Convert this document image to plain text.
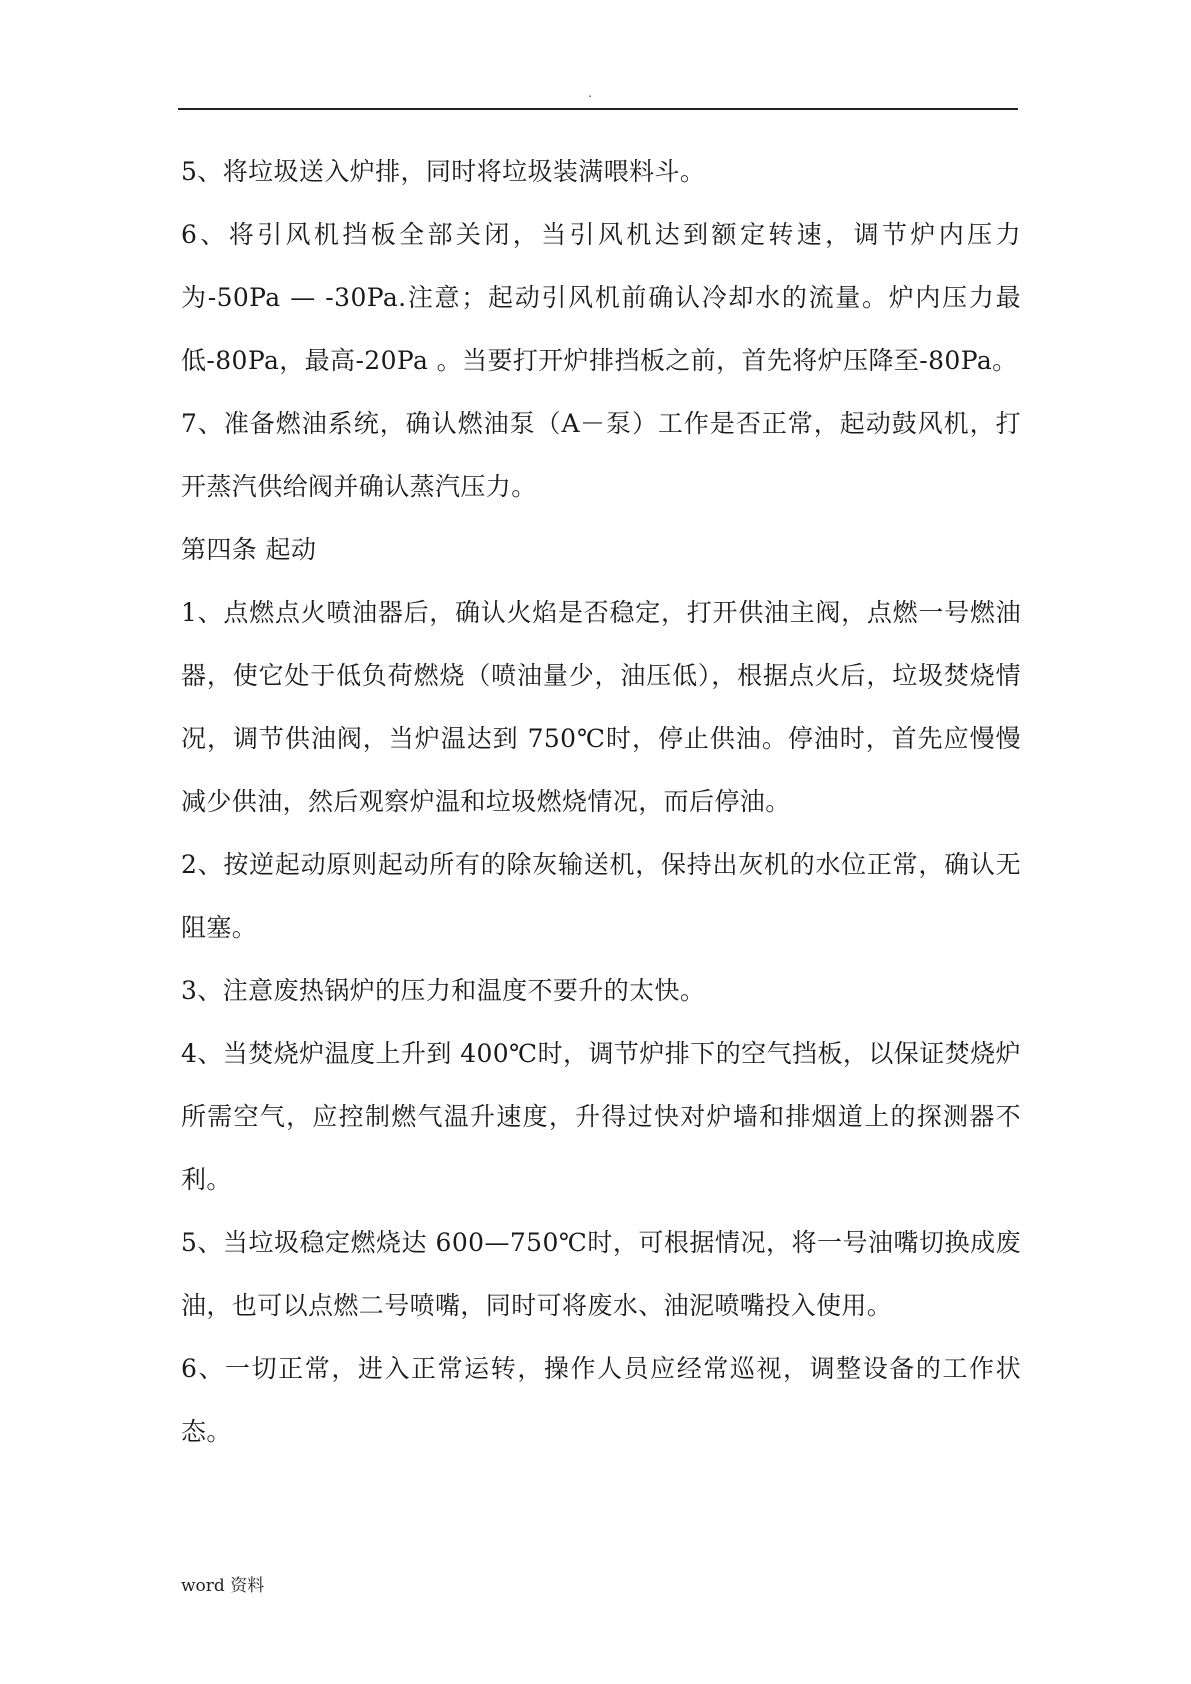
.

5、将垃圾送入炉排，同时将垃圾装满喂料斗。

6、将引风机挡板全部关闭，当引风机达到额定转速，调节炉内压力为-50Pa — -30Pa.注意；起动引风机前确认冷却水的流量。炉内压力最低-80Pa，最高-20Pa 。当要打开炉排挡板之前，首先将炉压降至-80Pa。

7、准备燃油系统，确认燃油泵（A－泵）工作是否正常，起动鼓风机，打开蒸汽供给阀并确认蒸汽压力。

第四条 起动

1、点燃点火喷油器后，确认火焰是否稳定，打开供油主阀，点燃一号燃油器，使它处于低负荷燃烧（喷油量少，油压低），根据点火后，垃圾焚烧情况，调节供油阀，当炉温达到 750℃时，停止供油。停油时，首先应慢慢减少供油，然后观察炉温和垃圾燃烧情况，而后停油。

2、按逆起动原则起动所有的除灰输送机，保持出灰机的水位正常，确认无阻塞。

3、注意废热锅炉的压力和温度不要升的太快。

4、当焚烧炉温度上升到 400℃时，调节炉排下的空气挡板，以保证焚烧炉所需空气，应控制燃气温升速度，升得过快对炉墙和排烟道上的探测器不利。

5、当垃圾稳定燃烧达 600—750℃时，可根据情况，将一号油嘴切换成废油，也可以点燃二号喷嘴，同时可将废水、油泥喷嘴投入使用。

6、一切正常，进入正常运转，操作人员应经常巡视，调整设备的工作状态。

word 资料
